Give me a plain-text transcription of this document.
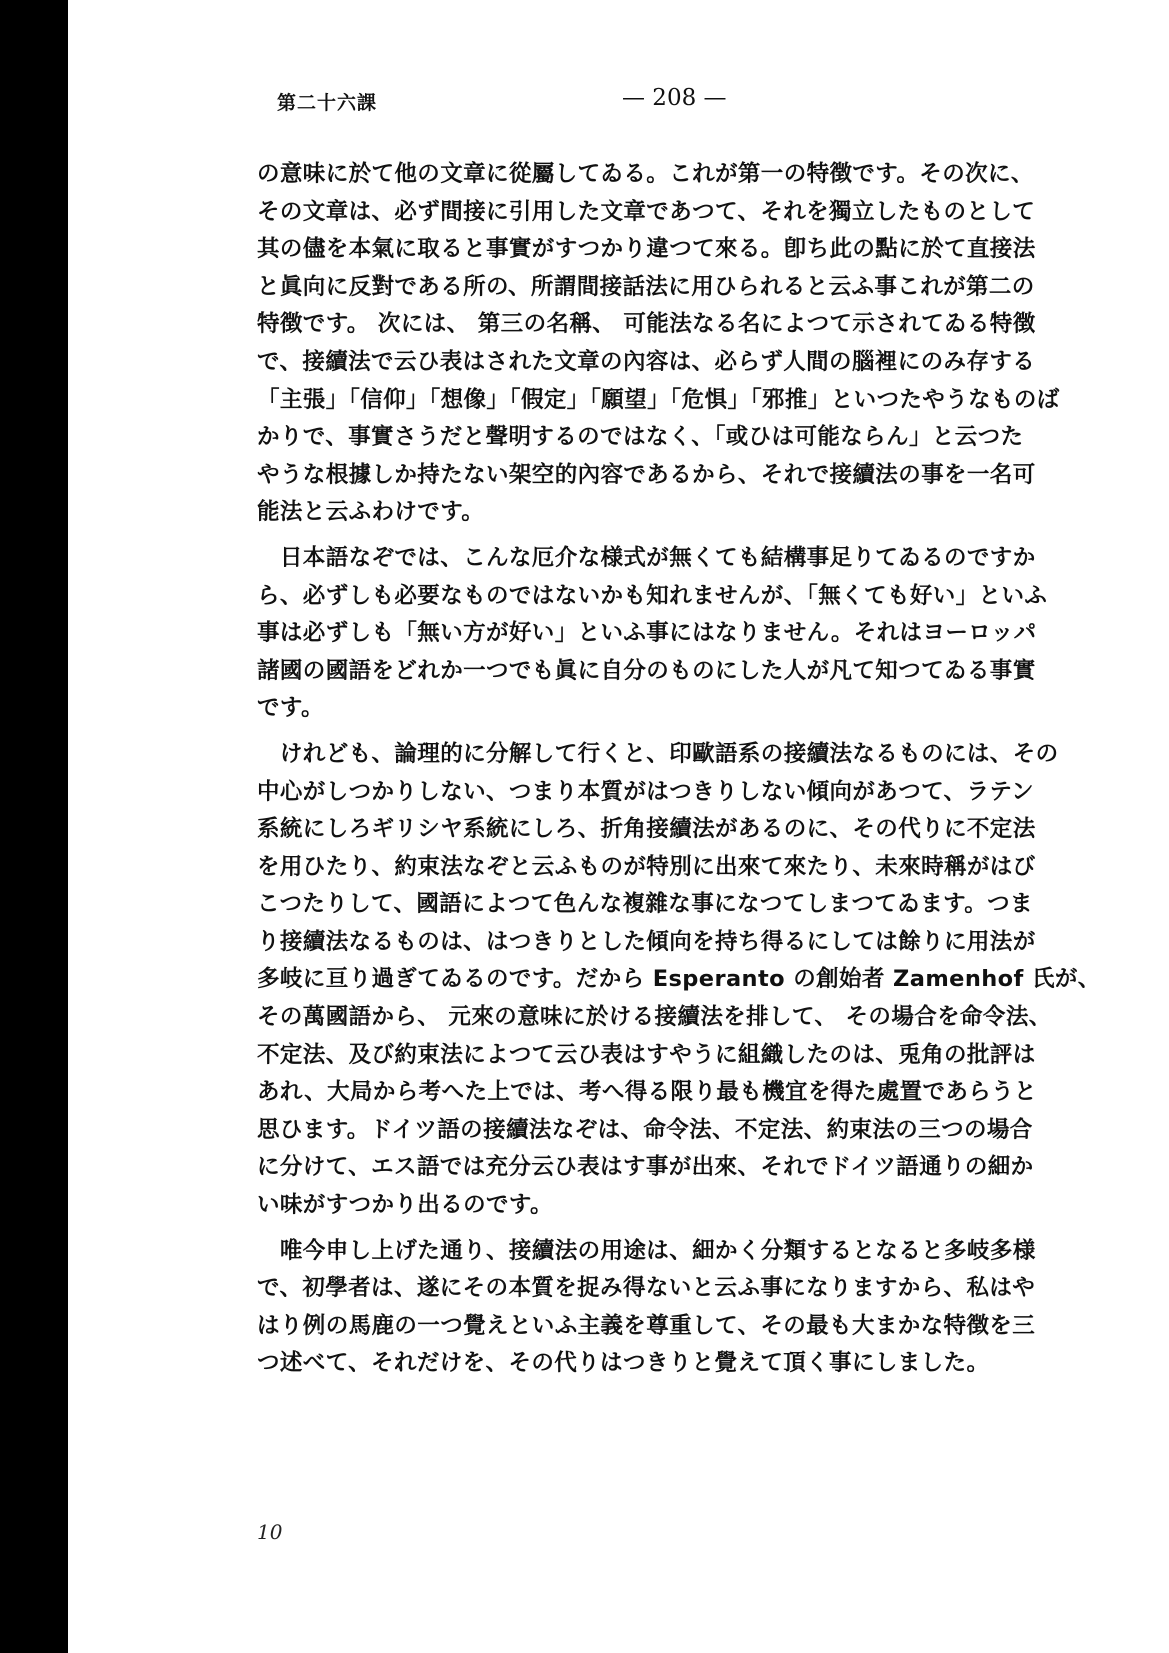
第二十六課	— 208 —
の意味に於て他の文章に從屬してゐる。これが第一の特徴です。その次に、
その文章は、必ず間接に引用した文章であつて、それを獨立したものとして
其の儘を本氣に取ると事實がすつかり違つて來る。卽ち此の點に於て直接法
と眞向に反對である所の、所謂間接話法に用ひられると云ふ事これが第二の
特徴です。 次には、 第三の名稱、 可能法なる名によつて示されてゐる特徴
で、接續法で云ひ表はされた文章の內容は、必らず人間の腦裡にのみ存する
「主張」「信仰」「想像」「假定」「願望」「危惧」「邪推」といつたやうなものば
かりで、事實さうだと聲明するのではなく、「或ひは可能ならん」と云つた
やうな根據しか持たない架空的內容であるから、それで接續法の事を一名可
能法と云ふわけです。
　日本語なぞでは、こんな厄介な様式が無くても結構事足りてゐるのですか
ら、必ずしも必要なものではないかも知れませんが、「無くても好い」といふ
事は必ずしも「無い方が好い」といふ事にはなりません。それはヨーロッパ
諸國の國語をどれか一つでも眞に自分のものにした人が凡て知つてゐる事實
です。
　けれども、論理的に分解して行くと、印歐語系の接續法なるものには、その
中心がしつかりしない、つまり本質がはつきりしない傾向があつて、ラテン
系統にしろギリシヤ系統にしろ、折角接續法があるのに、その代りに不定法
を用ひたり、約束法なぞと云ふものが特別に出來て來たり、未來時稱がはび
こつたりして、國語によつて色んな複雜な事になつてしまつてゐます。つま
り接續法なるものは、はつきりとした傾向を持ち得るにしては餘りに用法が
多岐に亘り過ぎてゐるのです。だから Esperanto の創始者 Zamenhof 氏が、
その萬國語から、 元來の意味に於ける接續法を排して、 その場合を命令法、
不定法、及び約束法によつて云ひ表はすやうに組織したのは、兎角の批評は
あれ、大局から考へた上では、考へ得る限り最も機宜を得た處置であらうと
思ひます。ドイツ語の接續法なぞは、命令法、不定法、約束法の三つの場合
に分けて、エス語では充分云ひ表はす事が出來、それでドイツ語通りの細か
い味がすつかり出るのです。
　唯今申し上げた通り、接續法の用途は、細かく分類するとなると多岐多様
で、初學者は、遂にその本質を捉み得ないと云ふ事になりますから、私はや
はり例の馬鹿の一つ覺えといふ主義を尊重して、その最も大まかな特徴を三
つ述べて、それだけを、その代りはつきりと覺えて頂く事にしました。
10
